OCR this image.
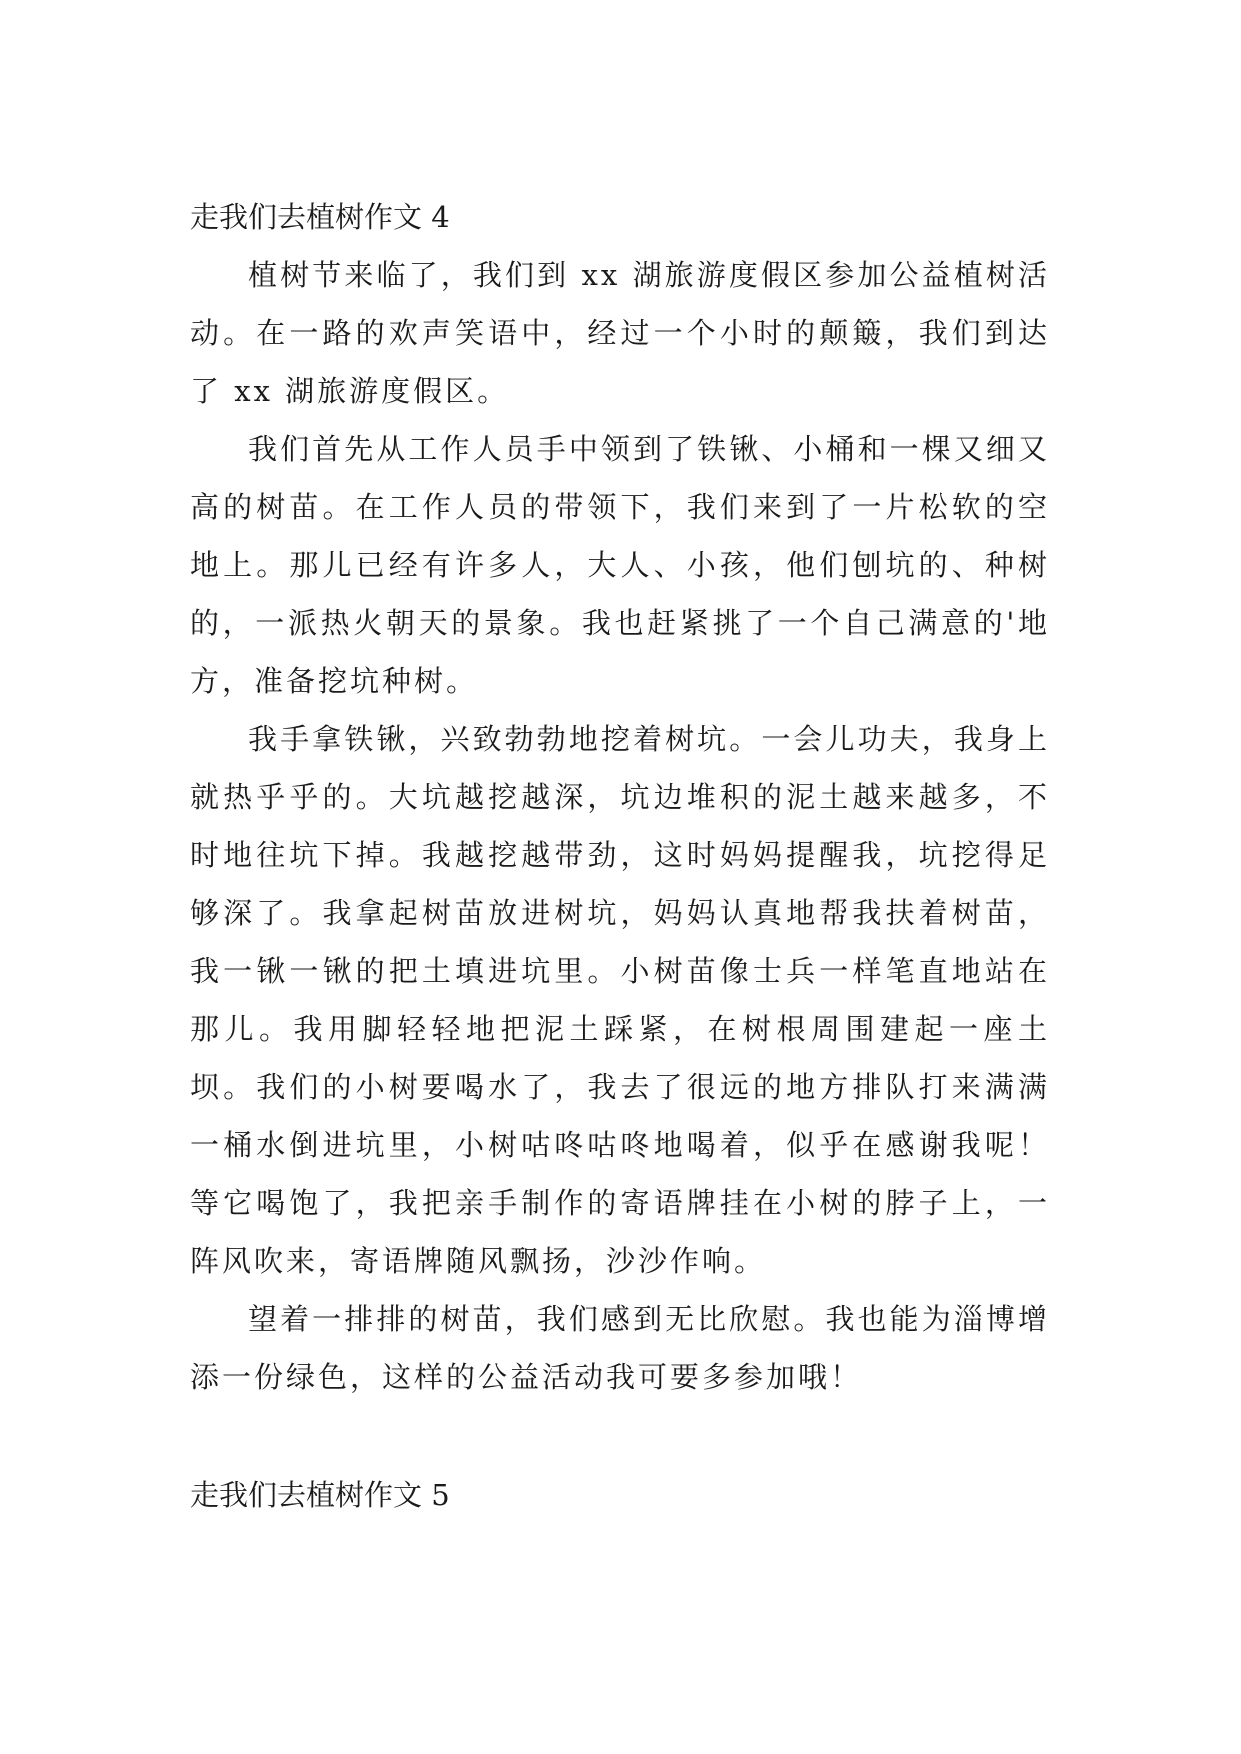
走我们去植树作文 4

植树节来临了，我们到 xx 湖旅游度假区参加公益植树活动。在一路的欢声笑语中，经过一个小时的颠簸，我们到达了 xx 湖旅游度假区。

我们首先从工作人员手中领到了铁锹、小桶和一棵又细又高的树苗。在工作人员的带领下，我们来到了一片松软的空地上。那儿已经有许多人，大人、小孩，他们刨坑的、种树的，一派热火朝天的景象。我也赶紧挑了一个自己满意的'地方，准备挖坑种树。

我手拿铁锹，兴致勃勃地挖着树坑。一会儿功夫，我身上就热乎乎的。大坑越挖越深，坑边堆积的泥土越来越多，不时地往坑下掉。我越挖越带劲，这时妈妈提醒我，坑挖得足够深了。我拿起树苗放进树坑，妈妈认真地帮我扶着树苗，我一锹一锹的把土填进坑里。小树苗像士兵一样笔直地站在那儿。我用脚轻轻地把泥土踩紧，在树根周围建起一座土坝。我们的小树要喝水了，我去了很远的地方排队打来满满一桶水倒进坑里，小树咕咚咕咚地喝着，似乎在感谢我呢！等它喝饱了，我把亲手制作的寄语牌挂在小树的脖子上，一阵风吹来，寄语牌随风飘扬，沙沙作响。

望着一排排的树苗，我们感到无比欣慰。我也能为淄博增添一份绿色，这样的公益活动我可要多参加哦！

走我们去植树作文 5
